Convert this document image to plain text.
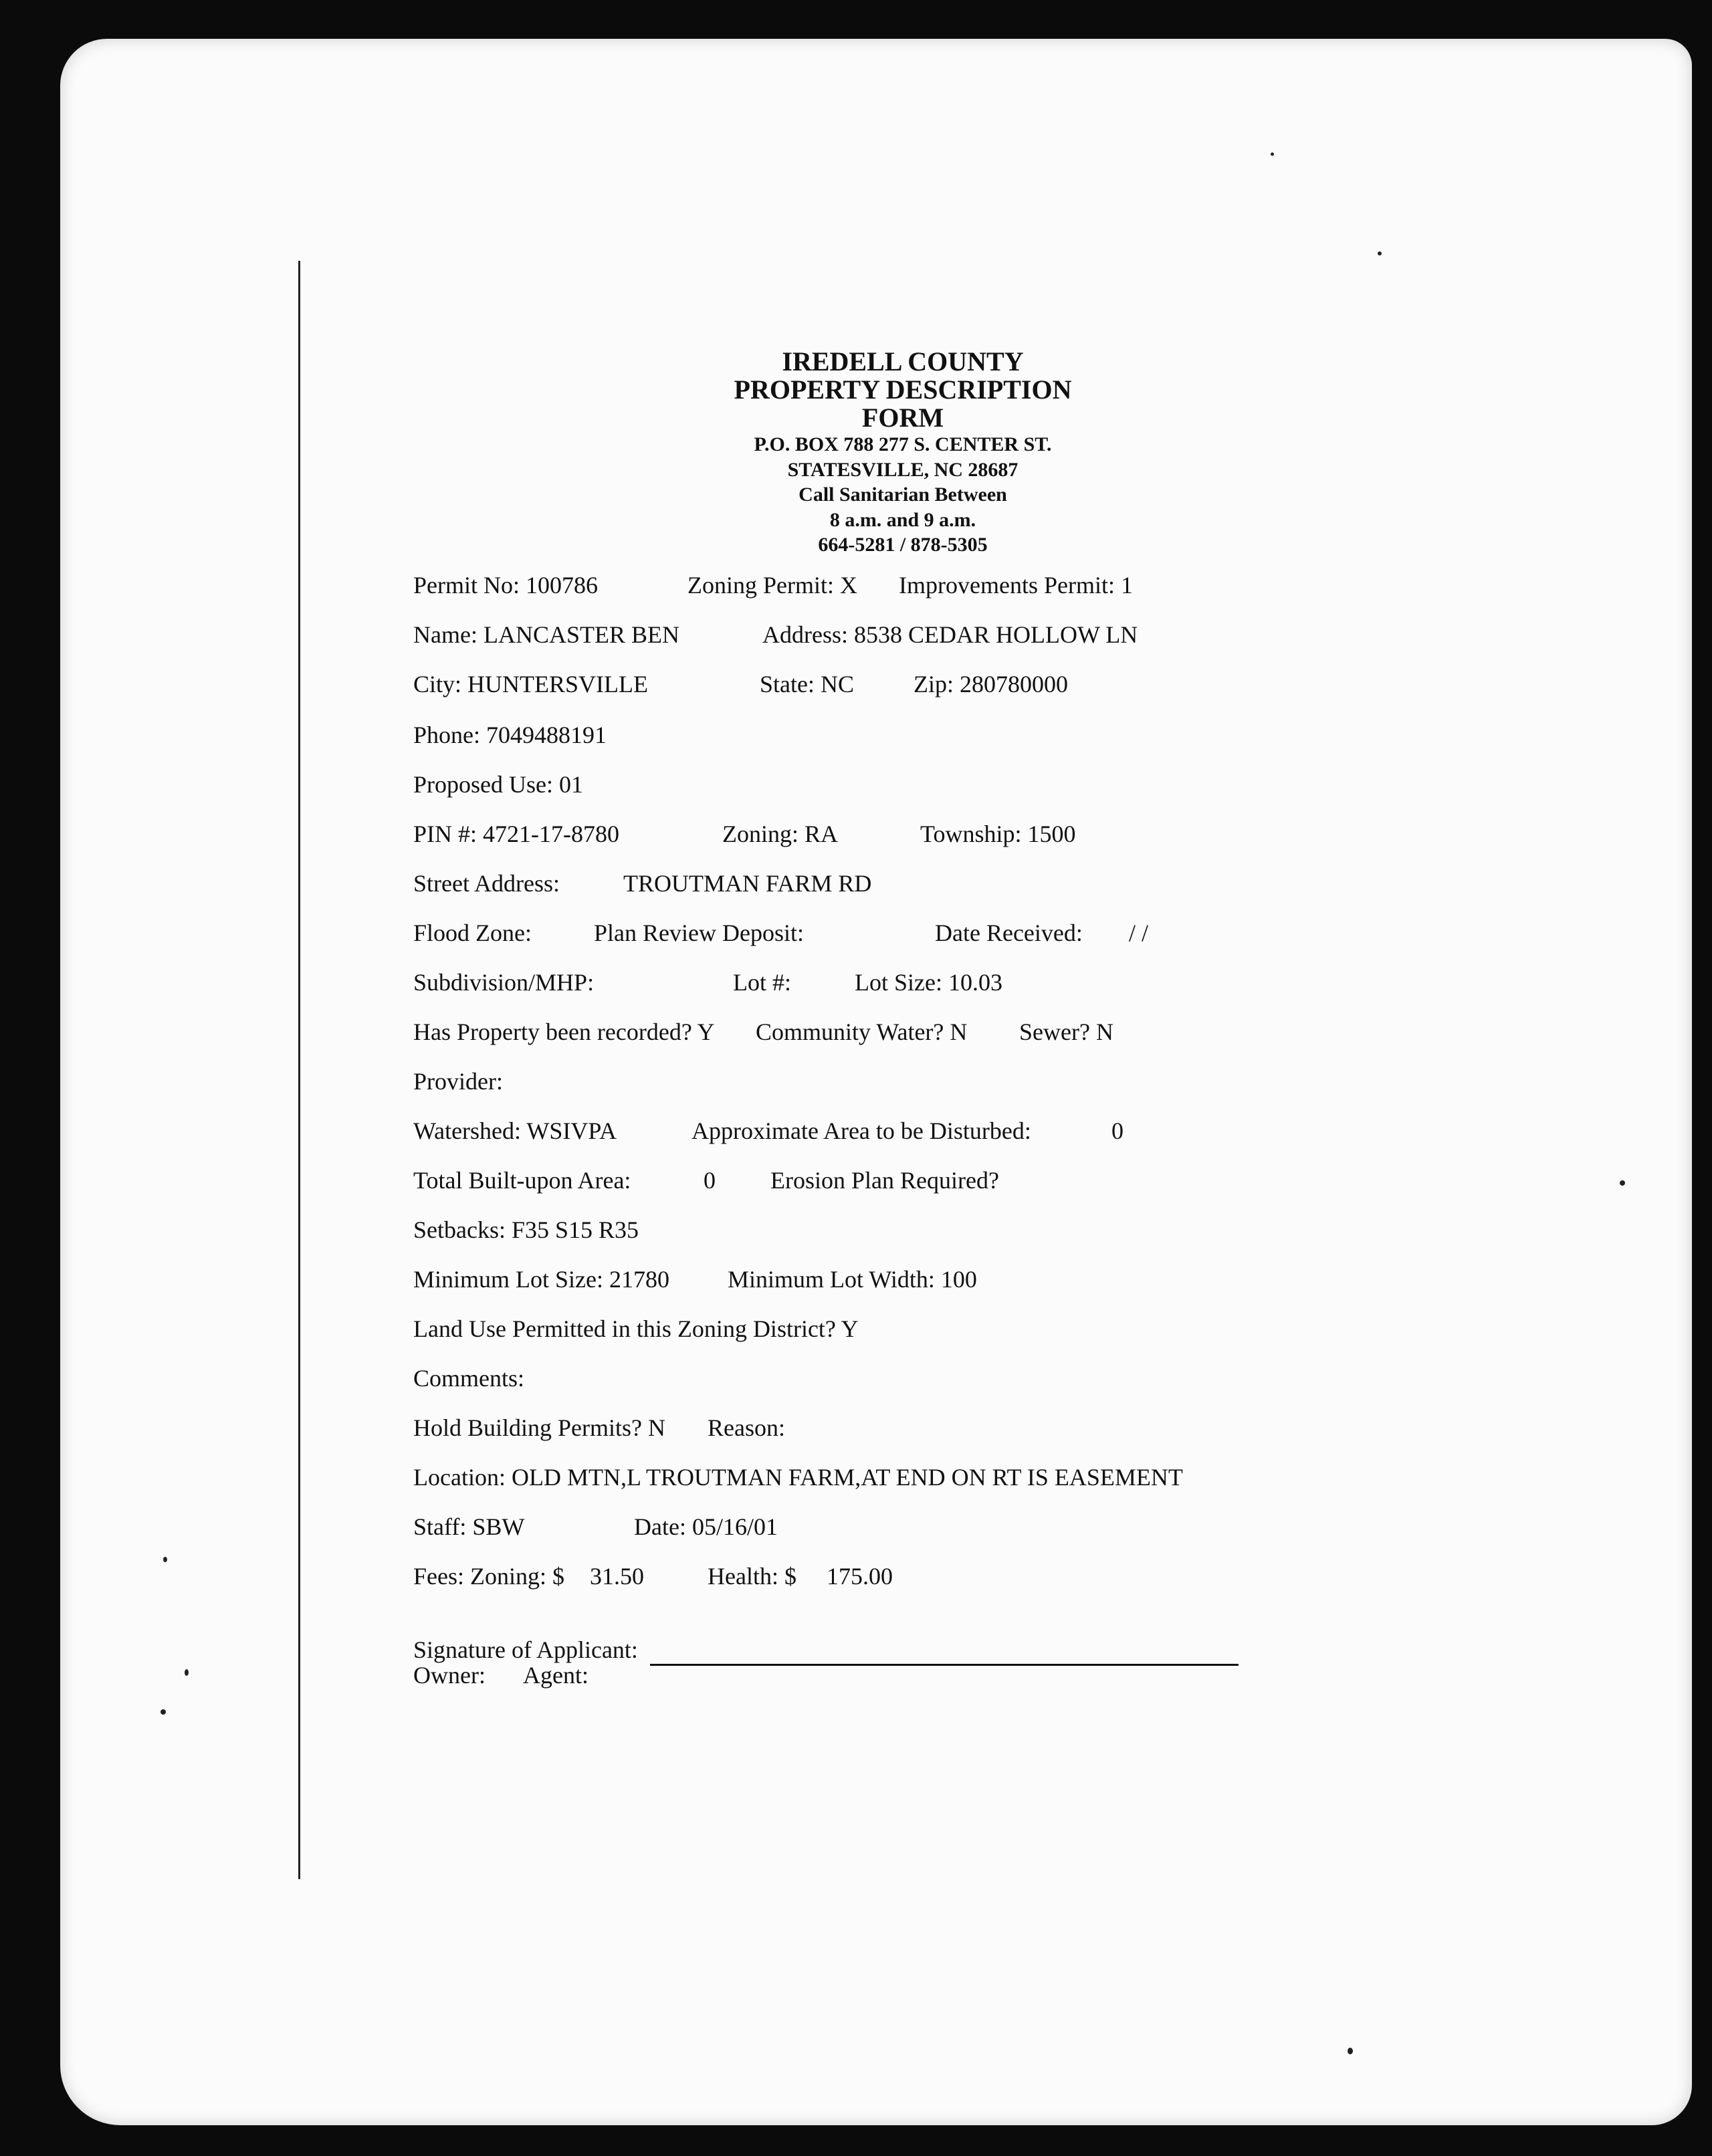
IREDELL COUNTY
PROPERTY DESCRIPTION FORM
P.O. BOX 788 277 S. CENTER ST.
STATESVILLE, NC 28687
Call Sanitarian Between
8 a.m. and 9 a.m.
664-5281 / 878-5305
Permit No: 100786	Zoning Permit: X Improvements Permit: 1
Name: LANCASTER BEN	Address: 8538 CEDAR HOLLOW LN
City: HUNTERSVILLE	State: NC Zip: 280780000
Phone: 7049488191
Proposed Use: 01
PIN #: 4721-17-8780	Zoning: RA	Township: 1500
Street Address:	TROUTMAN FARM RD
Flood Zone:	Plan Review Deposit:	Date Received: / /
Subdivision/MHP:	Lot #:	Lot Size: 10.03
Has Property been recorded? Y Community Water? N Sewer? N
Provider:
Watershed: WSIVPA	Approximate Area to be Disturbed:	0
Total Built-upon Area:	0 Erosion Plan Required?
Setbacks: F35 S15 R35
Minimum Lot Size: 21780 Minimum Lot Width: 100
Land Use Permitted in this Zoning District? Y
Comments:
Hold Building Permits? N Reason:
Location: OLD MTN,L TROUTMAN FARM,AT END ON RT IS EASEMENT
Staff: SBW	Date: 05/16/01
Fees: Zoning: $ 31.50	Health: $ 175.00
Signature of Applicant:
Owner: Agent:
